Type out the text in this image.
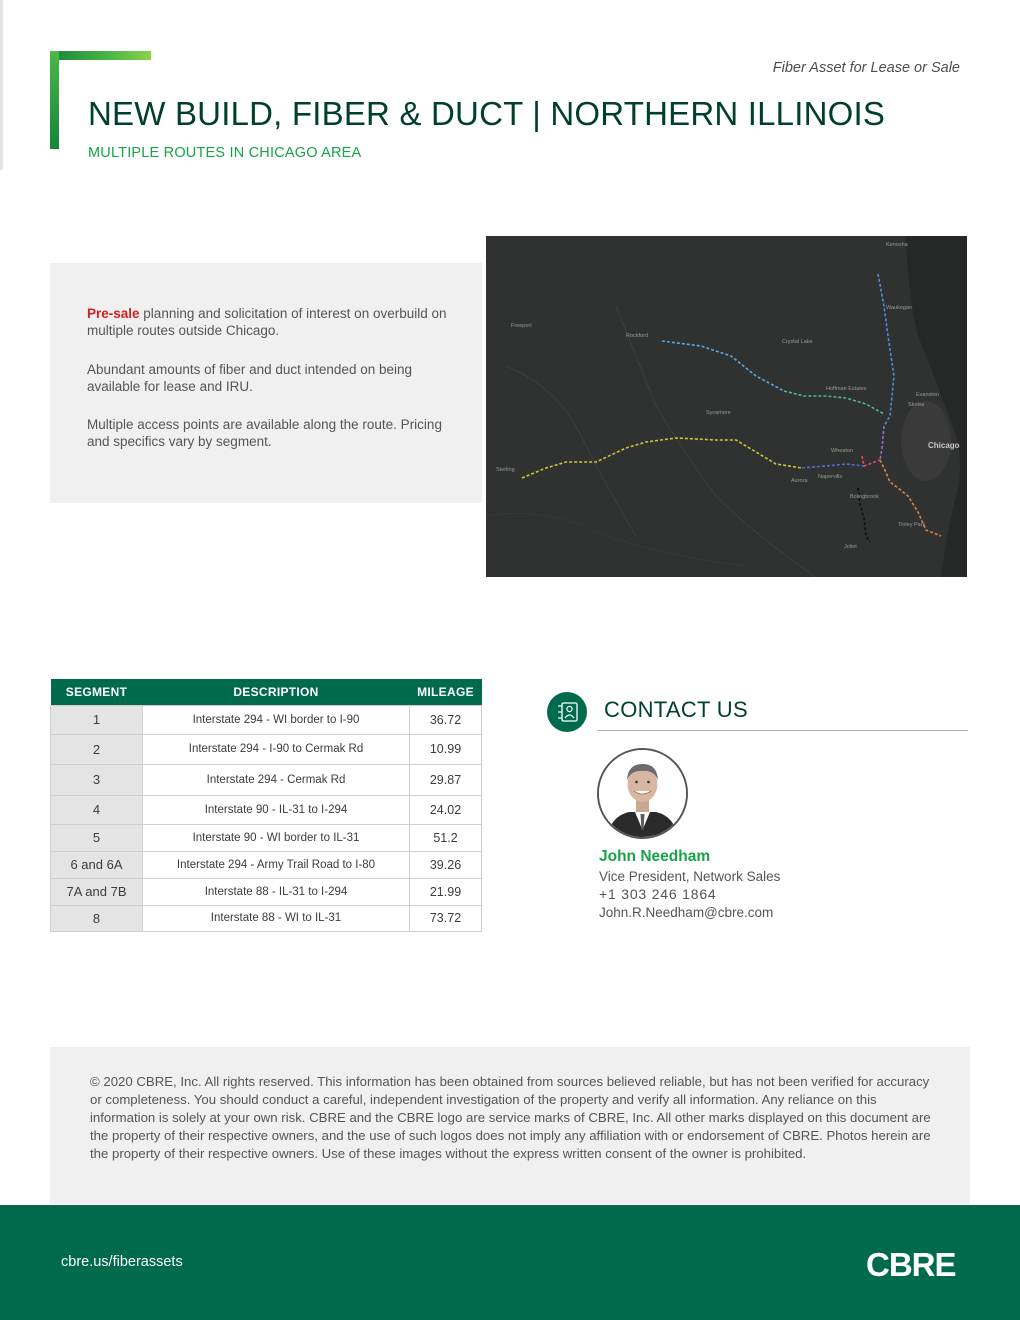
Fiber Asset for Lease or Sale
NEW BUILD, FIBER & DUCT | NORTHERN ILLINOIS
MULTIPLE ROUTES IN CHICAGO AREA

Pre-sale planning and solicitation of interest on overbuild on multiple routes outside Chicago.

Abundant amounts of fiber and duct intended on being available for lease and IRU.

Multiple access points are available along the route. Pricing and specifics vary by segment.

Kenosha
Waukegan
Freeport
Rockford
Crystal Lake
Hoffman Estates
Evanston
Skokie
Sycamore
Wheaton
Chicago
Sterling
Naperville
Aurora
Bolingbrook
Tinley Park
Joliet
SEGMENT	DESCRIPTION	MILEAGE
1	Interstate 294 - WI border to I-90	36.72
2	Interstate 294 - I-90 to Cermak Rd	10.99
3	Interstate 294 - Cermak Rd	29.87
4	Interstate 90 - IL-31 to I-294	24.02
5	Interstate 90 - WI border to IL-31	51.2
6 and 6A	Interstate 294 - Army Trail Road to I-80	39.26
7A and 7B	Interstate 88 - IL-31 to I-294	21.99
8	Interstate 88 - WI to IL-31	73.72
CONTACT US
John Needham
Vice President, Network Sales
+1 303 246 1864
John.R.Needham@cbre.com

© 2020 CBRE, Inc. All rights reserved. This information has been obtained from sources believed reliable, but has not been verified for accuracy or completeness. You should conduct a careful, independent investigation of the property and verify all information. Any reliance on this information is solely at your own risk. CBRE and the CBRE logo are service marks of CBRE, Inc. All other marks displayed on this document are the property of their respective owners, and the use of such logos does not imply any affiliation with or endorsement of CBRE. Photos herein are the property of their respective owners. Use of these images without the express written consent of the owner is prohibited.

cbre.us/fiberassets	CBRE
